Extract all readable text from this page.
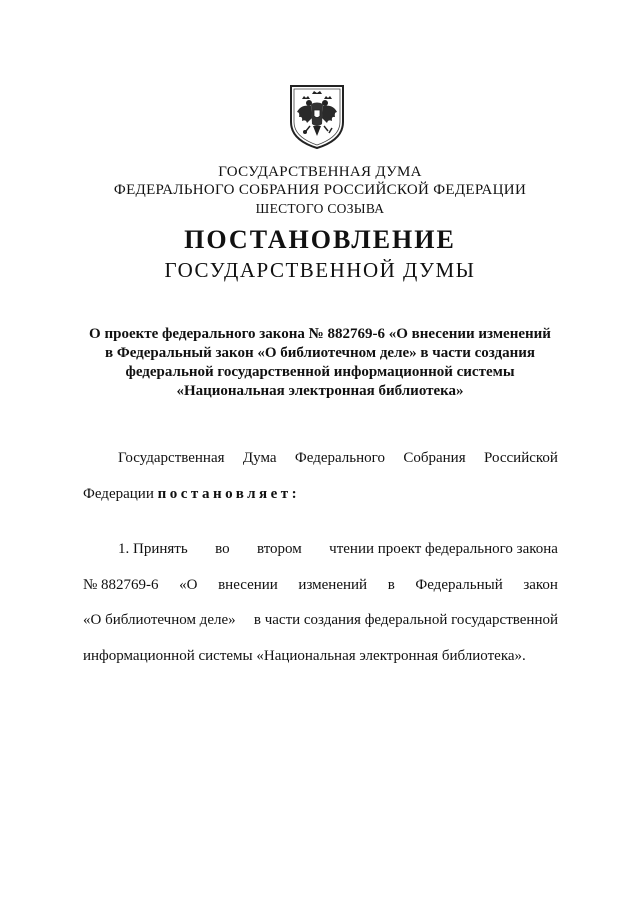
ГОСУДАРСТВЕННАЯ ДУМА
ФЕДЕРАЛЬНОГО СОБРАНИЯ РОССИЙСКОЙ ФЕДЕРАЦИИ
ШЕСТОГО СОЗЫВА
ПОСТАНОВЛЕНИЕ
ГОСУДАРСТВЕННОЙ ДУМЫ
О проекте федерального закона № 882769-6 «О внесении изменений
в Федеральный закон «О библиотечном деле» в части создания
федеральной государственной информационной системы
«Национальная электронная библиотека»
Государственная Дума Федерального Собрания Российской
Федерации постановляет:
1. Принять во втором чтении проект федерального закона
№ 882769-6 «О внесении изменений в Федеральный закон
«О библиотечном деле» в части создания федеральной государственной
информационной системы «Национальная электронная библиотека».
